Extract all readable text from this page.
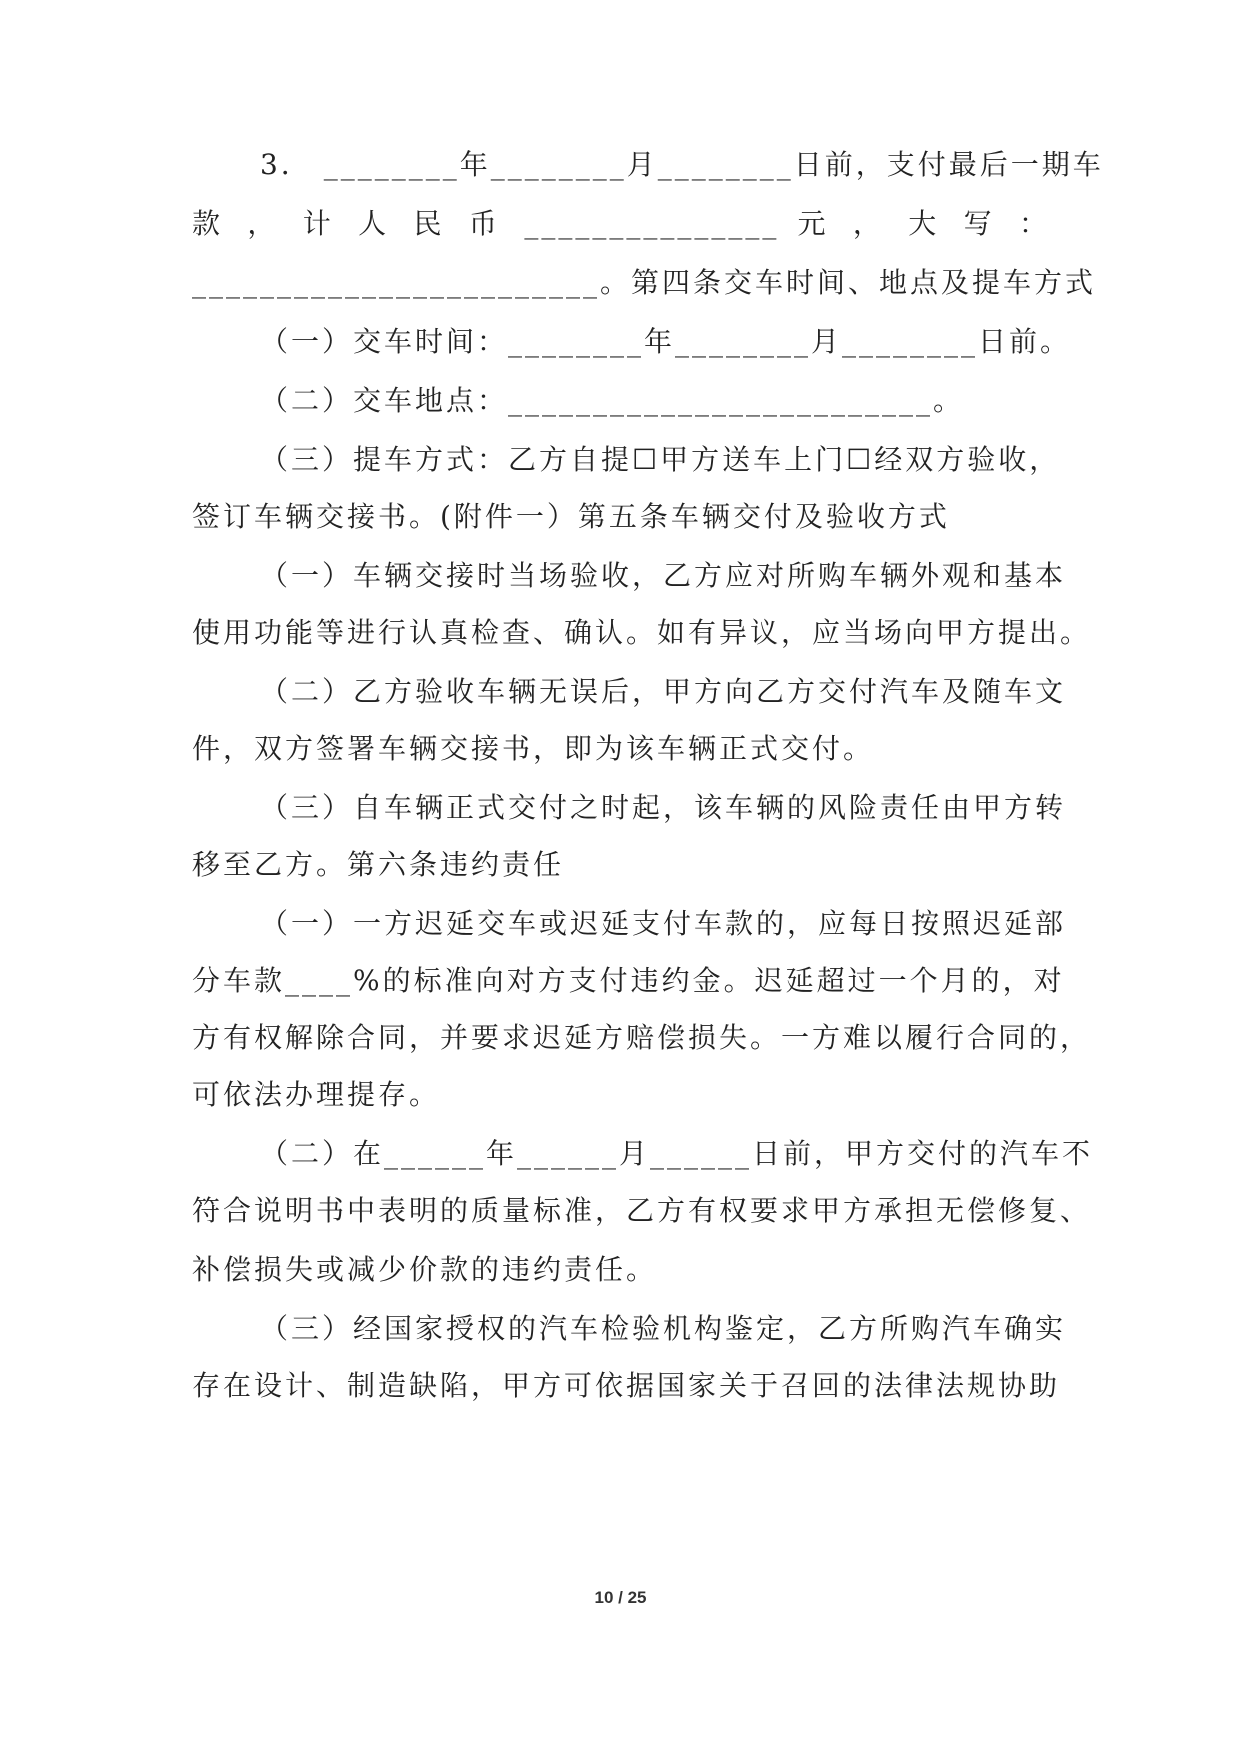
3． ________年________月________日前，支付最后一期车
款 ， 计 人 民 币 _______________ 元 ， 大 写 ：
________________________。第四条交车时间、地点及提车方式
（一）交车时间：________年________月________日前。
（二）交车地点：_________________________。
（三）提车方式：乙方自提☐甲方送车上门☐经双方验收，
签订车辆交接书。(附件一）第五条车辆交付及验收方式
（一）车辆交接时当场验收，乙方应对所购车辆外观和基本
使用功能等进行认真检查、确认。如有异议，应当场向甲方提出。
（二）乙方验收车辆无误后，甲方向乙方交付汽车及随车文
件，双方签署车辆交接书，即为该车辆正式交付。
（三）自车辆正式交付之时起，该车辆的风险责任由甲方转
移至乙方。第六条违约责任
（一）一方迟延交车或迟延支付车款的，应每日按照迟延部
分车款____%的标准向对方支付违约金。迟延超过一个月的，对
方有权解除合同，并要求迟延方赔偿损失。一方难以履行合同的，
可依法办理提存。
（二）在______年______月______日前，甲方交付的汽车不
符合说明书中表明的质量标准，乙方有权要求甲方承担无偿修复、
补偿损失或减少价款的违约责任。
（三）经国家授权的汽车检验机构鉴定，乙方所购汽车确实
存在设计、制造缺陷，甲方可依据国家关于召回的法律法规协助
10 / 25
